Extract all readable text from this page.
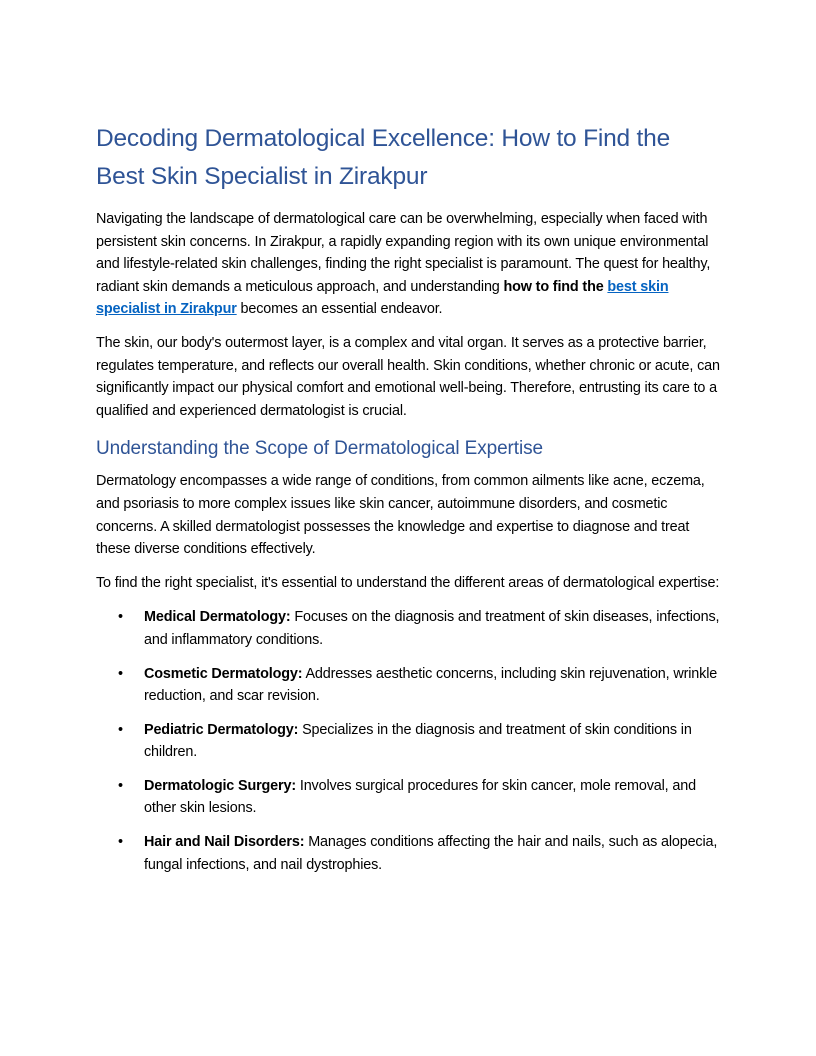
Decoding Dermatological Excellence: How to Find the Best Skin Specialist in Zirakpur

Navigating the landscape of dermatological care can be overwhelming, especially when faced with persistent skin concerns. In Zirakpur, a rapidly expanding region with its own unique environmental and lifestyle-related skin challenges, finding the right specialist is paramount. The quest for healthy, radiant skin demands a meticulous approach, and understanding how to find the best skin specialist in Zirakpur becomes an essential endeavor.

The skin, our body's outermost layer, is a complex and vital organ. It serves as a protective barrier, regulates temperature, and reflects our overall health. Skin conditions, whether chronic or acute, can significantly impact our physical comfort and emotional well-being. Therefore, entrusting its care to a qualified and experienced dermatologist is crucial.

Understanding the Scope of Dermatological Expertise

Dermatology encompasses a wide range of conditions, from common ailments like acne, eczema, and psoriasis to more complex issues like skin cancer, autoimmune disorders, and cosmetic concerns. A skilled dermatologist possesses the knowledge and expertise to diagnose and treat these diverse conditions effectively.

To find the right specialist, it's essential to understand the different areas of dermatological expertise:

• Medical Dermatology: Focuses on the diagnosis and treatment of skin diseases, infections, and inflammatory conditions.
• Cosmetic Dermatology: Addresses aesthetic concerns, including skin rejuvenation, wrinkle reduction, and scar revision.
• Pediatric Dermatology: Specializes in the diagnosis and treatment of skin conditions in children.
• Dermatologic Surgery: Involves surgical procedures for skin cancer, mole removal, and other skin lesions.
• Hair and Nail Disorders: Manages conditions affecting the hair and nails, such as alopecia, fungal infections, and nail dystrophies.
